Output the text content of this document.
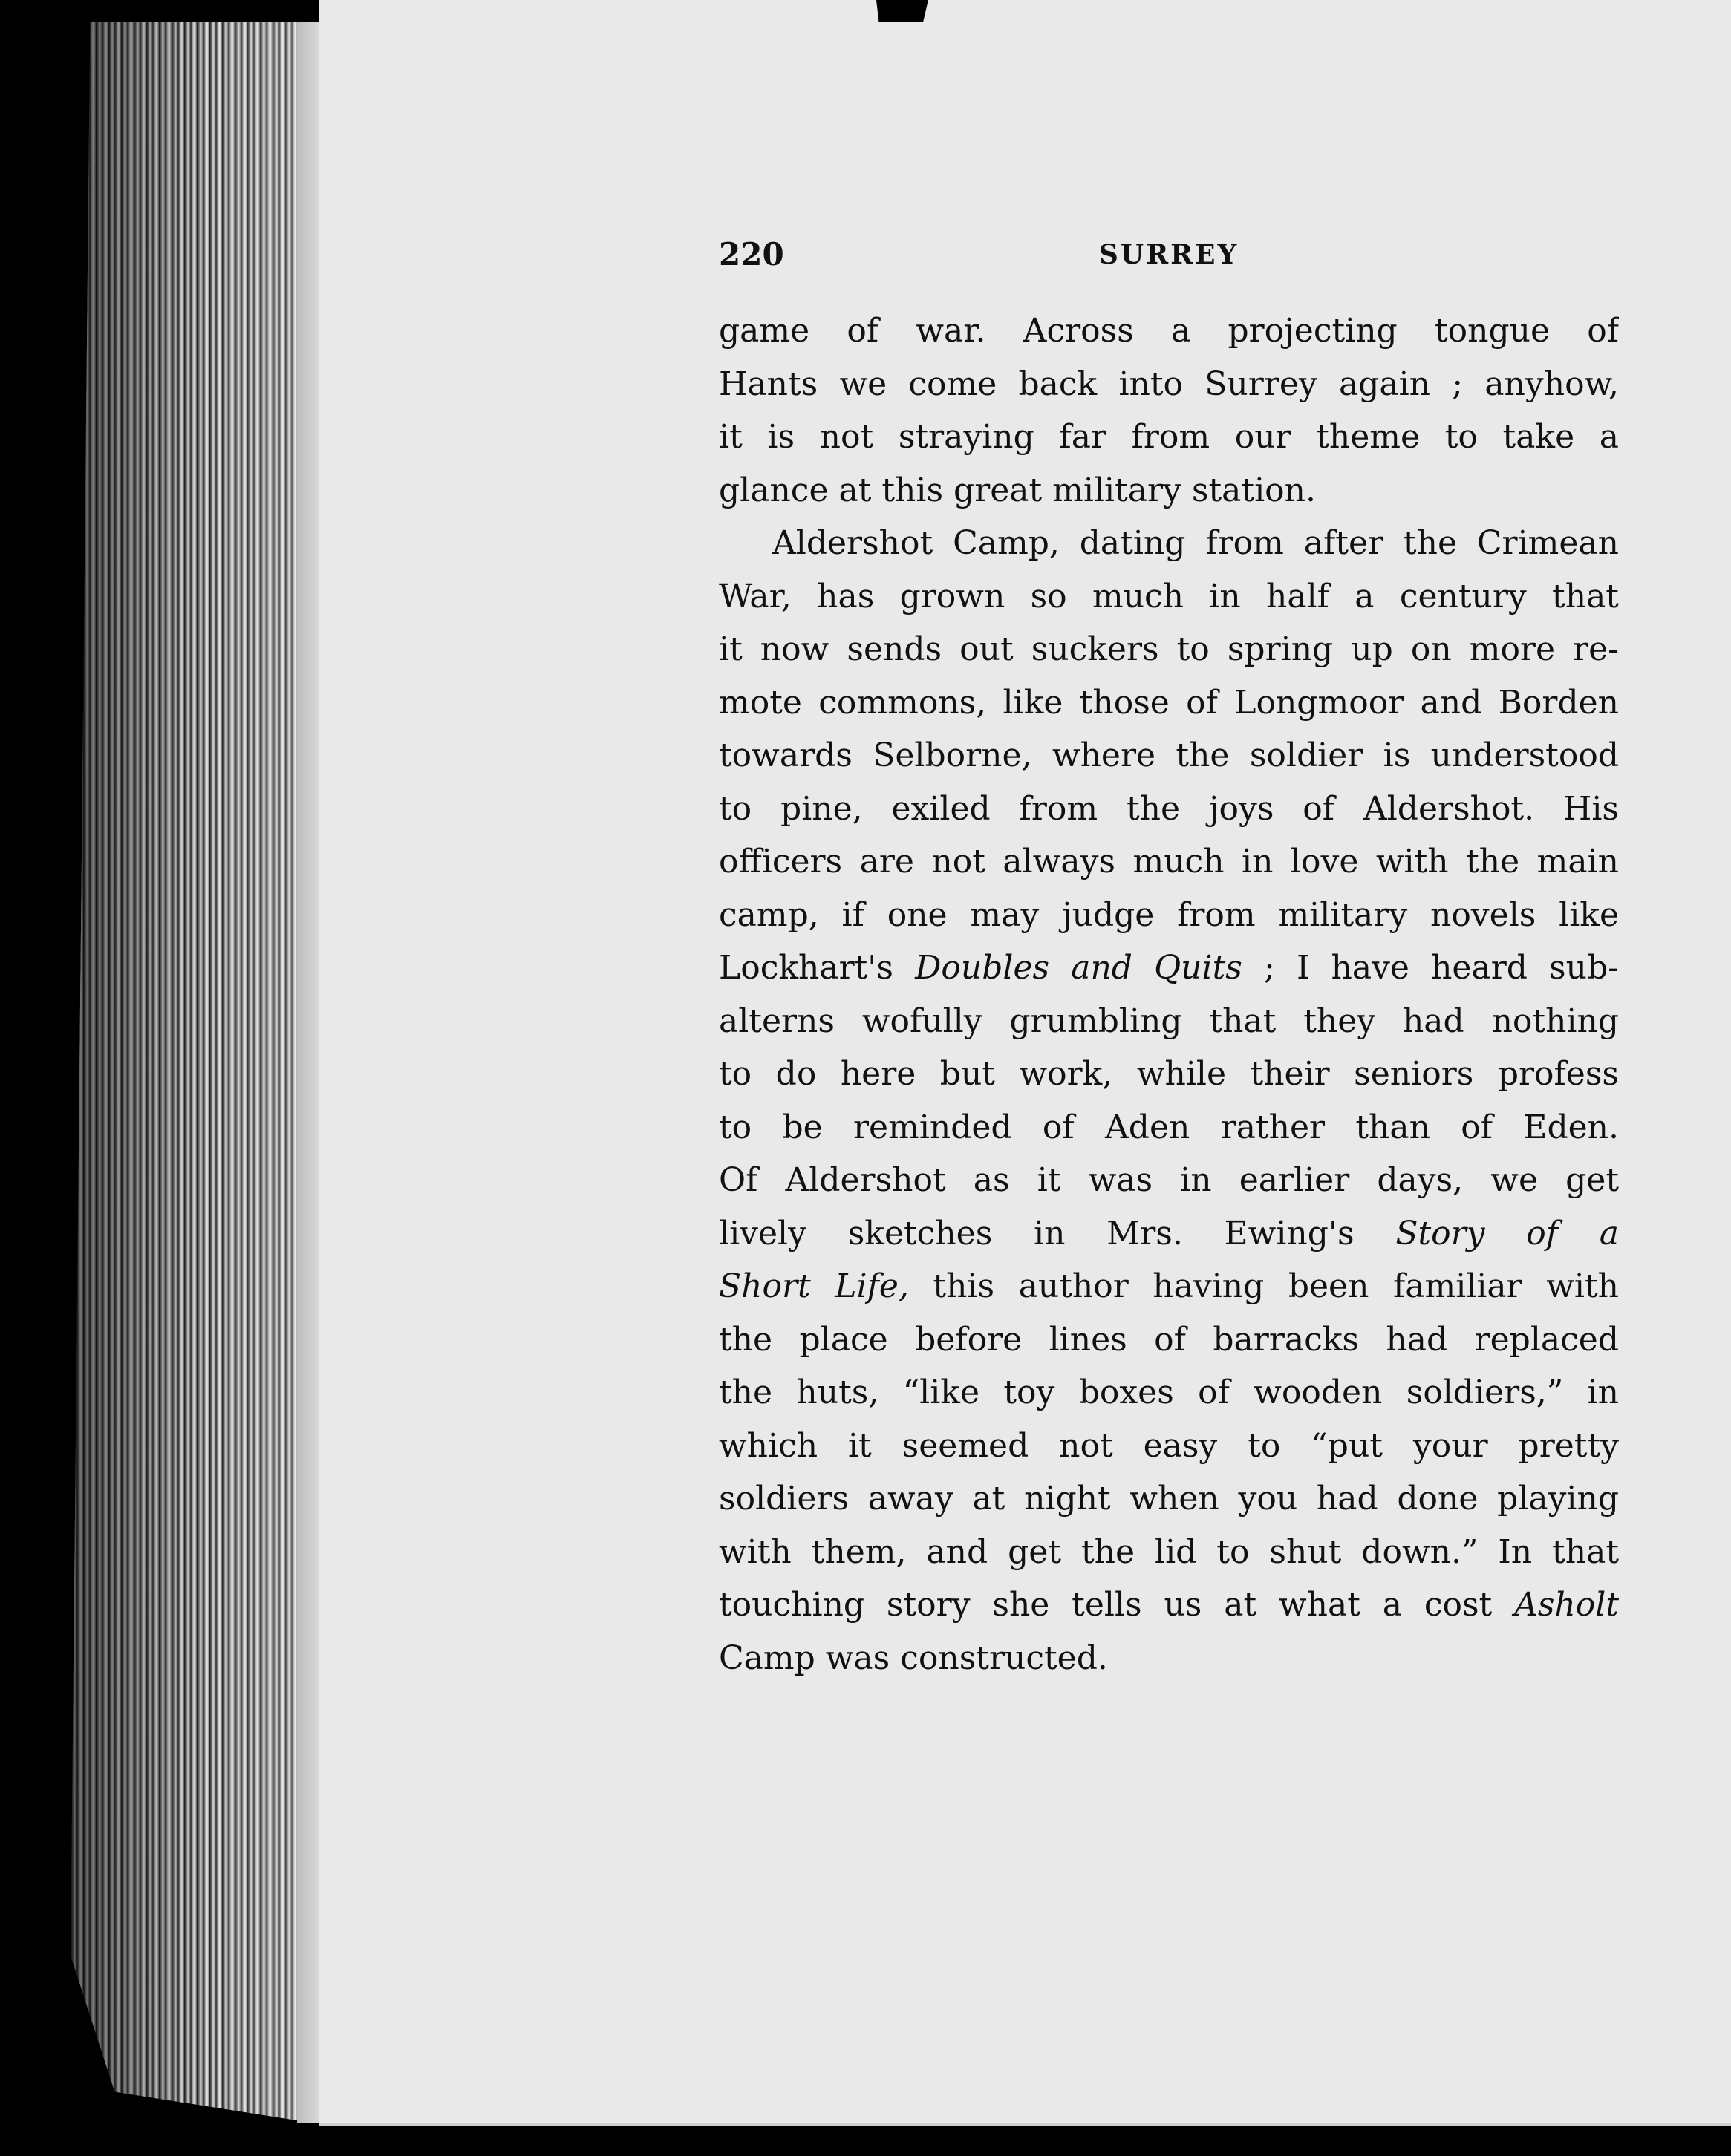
220	SURREY
game of war. Across a projecting tongue of
Hants we come back into Surrey again ; anyhow,
it is not straying far from our theme to take a
glance at this great military station.
Aldershot Camp, dating from after the Crimean
War, has grown so much in half a century that
it now sends out suckers to spring up on more re-
mote commons, like those of Longmoor and Borden
towards Selborne, where the soldier is understood
to pine, exiled from the joys of Aldershot. His
officers are not always much in love with the main
camp, if one may judge from military novels like
Lockhart's Doubles and Quits ; I have heard sub-
alterns wofully grumbling that they had nothing
to do here but work, while their seniors profess
to be reminded of Aden rather than of Eden.
Of Aldershot as it was in earlier days, we get
lively sketches in Mrs. Ewing's Story of a
Short Life, this author having been familiar with
the place before lines of barracks had replaced
the huts, “like toy boxes of wooden soldiers,” in
which it seemed not easy to “put your pretty
soldiers away at night when you had done playing
with them, and get the lid to shut down.” In that
touching story she tells us at what a cost Asholt
Camp was constructed.
